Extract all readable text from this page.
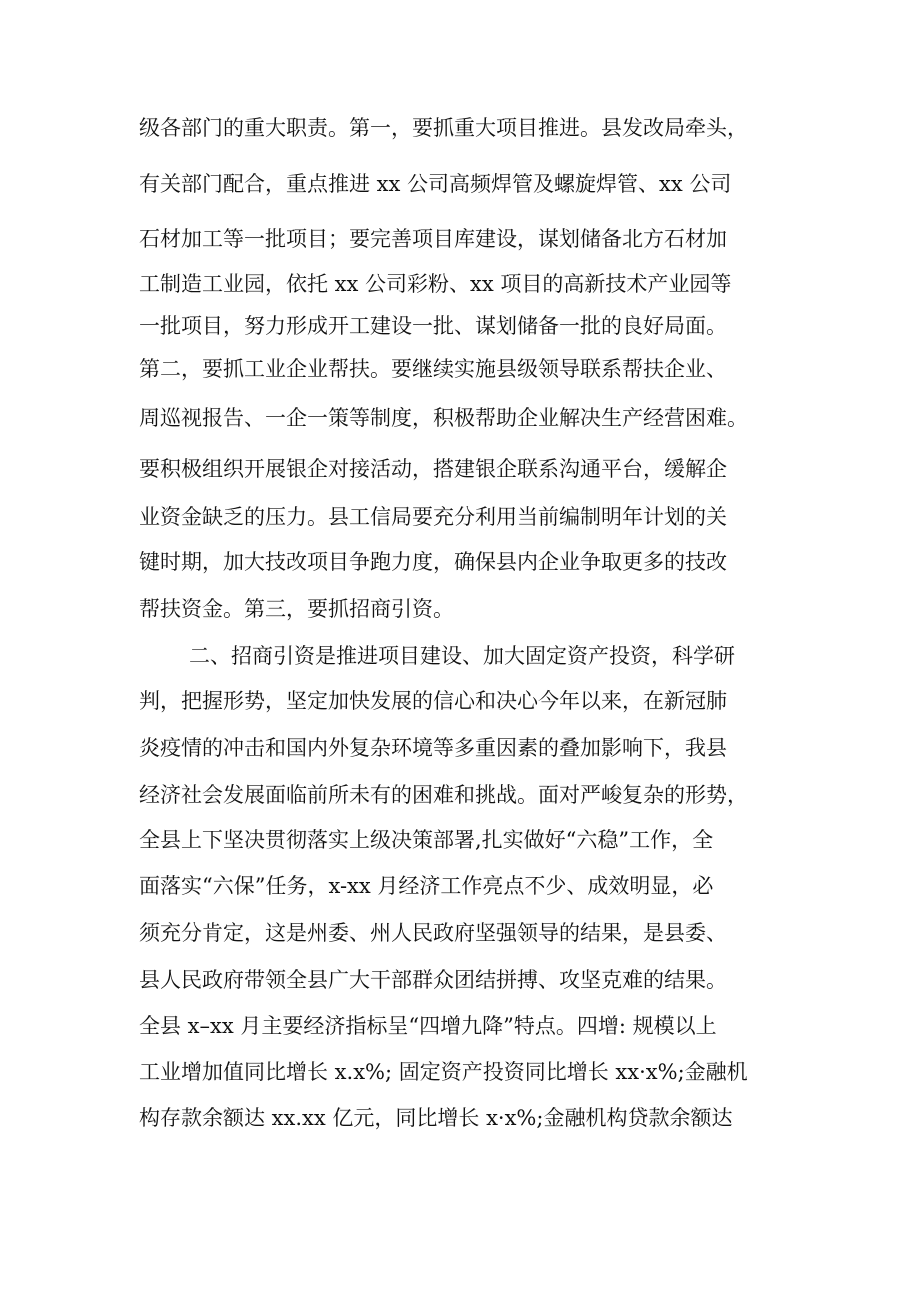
级各部门的重大职责。第一，要抓重大项目推进。县发改局牵头，
有关部门配合，重点推进 xx 公司高频焊管及螺旋焊管、xx 公司
石材加工等一批项目；要完善项目库建设，谋划储备北方石材加
工制造工业园，依托 xx 公司彩粉、xx 项目的高新技术产业园等
一批项目，努力形成开工建设一批、谋划储备一批的良好局面。
第二，要抓工业企业帮扶。要继续实施县级领导联系帮扶企业、
周巡视报告、一企一策等制度，积极帮助企业解决生产经营困难。
要积极组织开展银企对接活动，搭建银企联系沟通平台，缓解企
业资金缺乏的压力。县工信局要充分利用当前编制明年计划的关
键时期，加大技改项目争跑力度，确保县内企业争取更多的技改
帮扶资金。第三，要抓招商引资。
二、招商引资是推进项目建设、加大固定资产投资，科学研
判，把握形势，坚定加快发展的信心和决心今年以来，在新冠肺
炎疫情的冲击和国内外复杂环境等多重因素的叠加影响下，我县
经济社会发展面临前所未有的困难和挑战。面对严峻复杂的形势，
全县上下坚决贯彻落实上级决策部署,扎实做好“六稳”工作，全
面落实“六保”任务，x-xx 月经济工作亮点不少、成效明显，必
须充分肯定，这是州委、州人民政府坚强领导的结果，是县委、
县人民政府带领全县广大干部群众团结拼搏、攻坚克难的结果。
全县 x–xx 月主要经济指标呈“四增九降”特点。四增: 规模以上
工业增加值同比增长 x.x%; 固定资产投资同比增长 xx·x%;金融机
构存款余额达 xx.xx 亿元，同比增长 x·x%;金融机构贷款余额达
